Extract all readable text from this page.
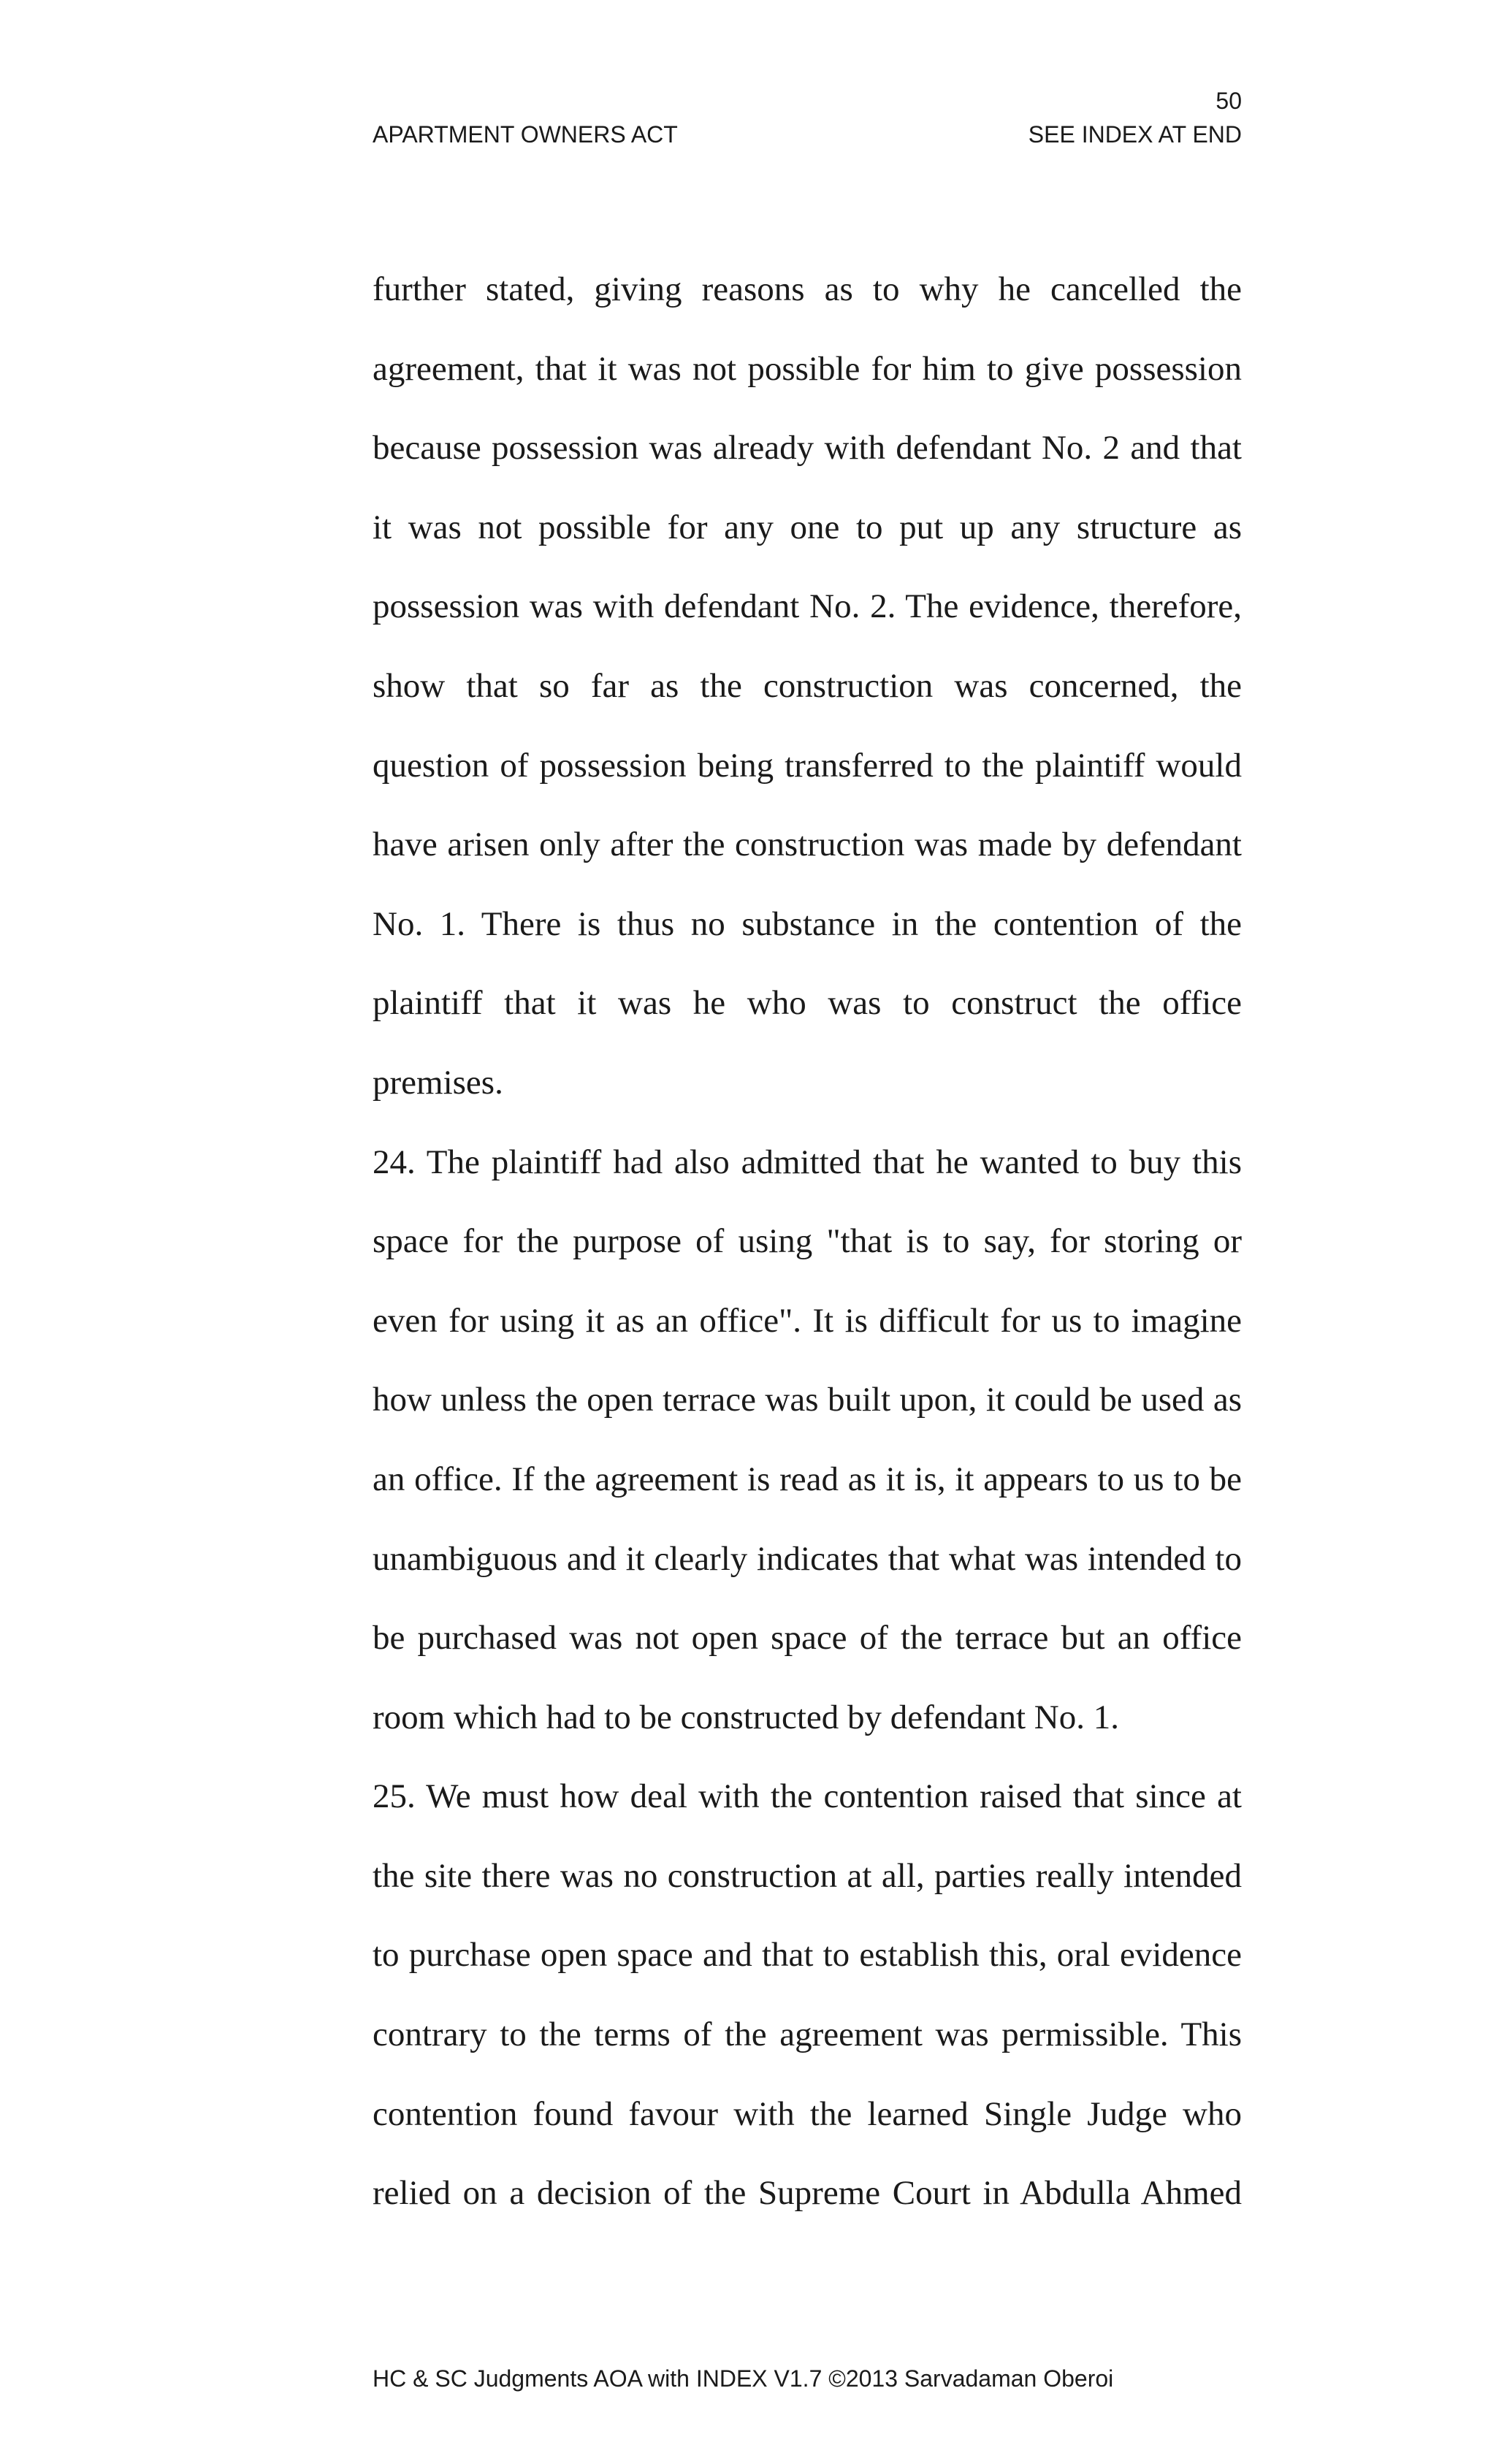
50
APARTMENT OWNERS ACT	SEE INDEX AT END
further stated, giving reasons as to why he cancelled the
agreement, that it was not possible for him to give possession
because possession was already with defendant No. 2 and that
it was not possible for any one to put up any structure as
possession was with defendant No. 2. The evidence, therefore,
show that so far as the construction was concerned, the
question of possession being transferred to the plaintiff would
have arisen only after the construction was made by defendant
No. 1. There is thus no substance in the contention of the
plaintiff that it was he who was to construct the office
premises.
24. The plaintiff had also admitted that he wanted to buy this
space for the purpose of using "that is to say, for storing or
even for using it as an office". It is difficult for us to imagine
how unless the open terrace was built upon, it could be used as
an office. If the agreement is read as it is, it appears to us to be
unambiguous and it clearly indicates that what was intended to
be purchased was not open space of the terrace but an office
room which had to be constructed by defendant No. 1.
25. We must how deal with the contention raised that since at
the site there was no construction at all, parties really intended
to purchase open space and that to establish this, oral evidence
contrary to the terms of the agreement was permissible. This
contention found favour with the learned Single Judge who
relied on a decision of the Supreme Court in Abdulla Ahmed
HC & SC Judgments AOA with INDEX V1.7 ©2013 Sarvadaman Oberoi
